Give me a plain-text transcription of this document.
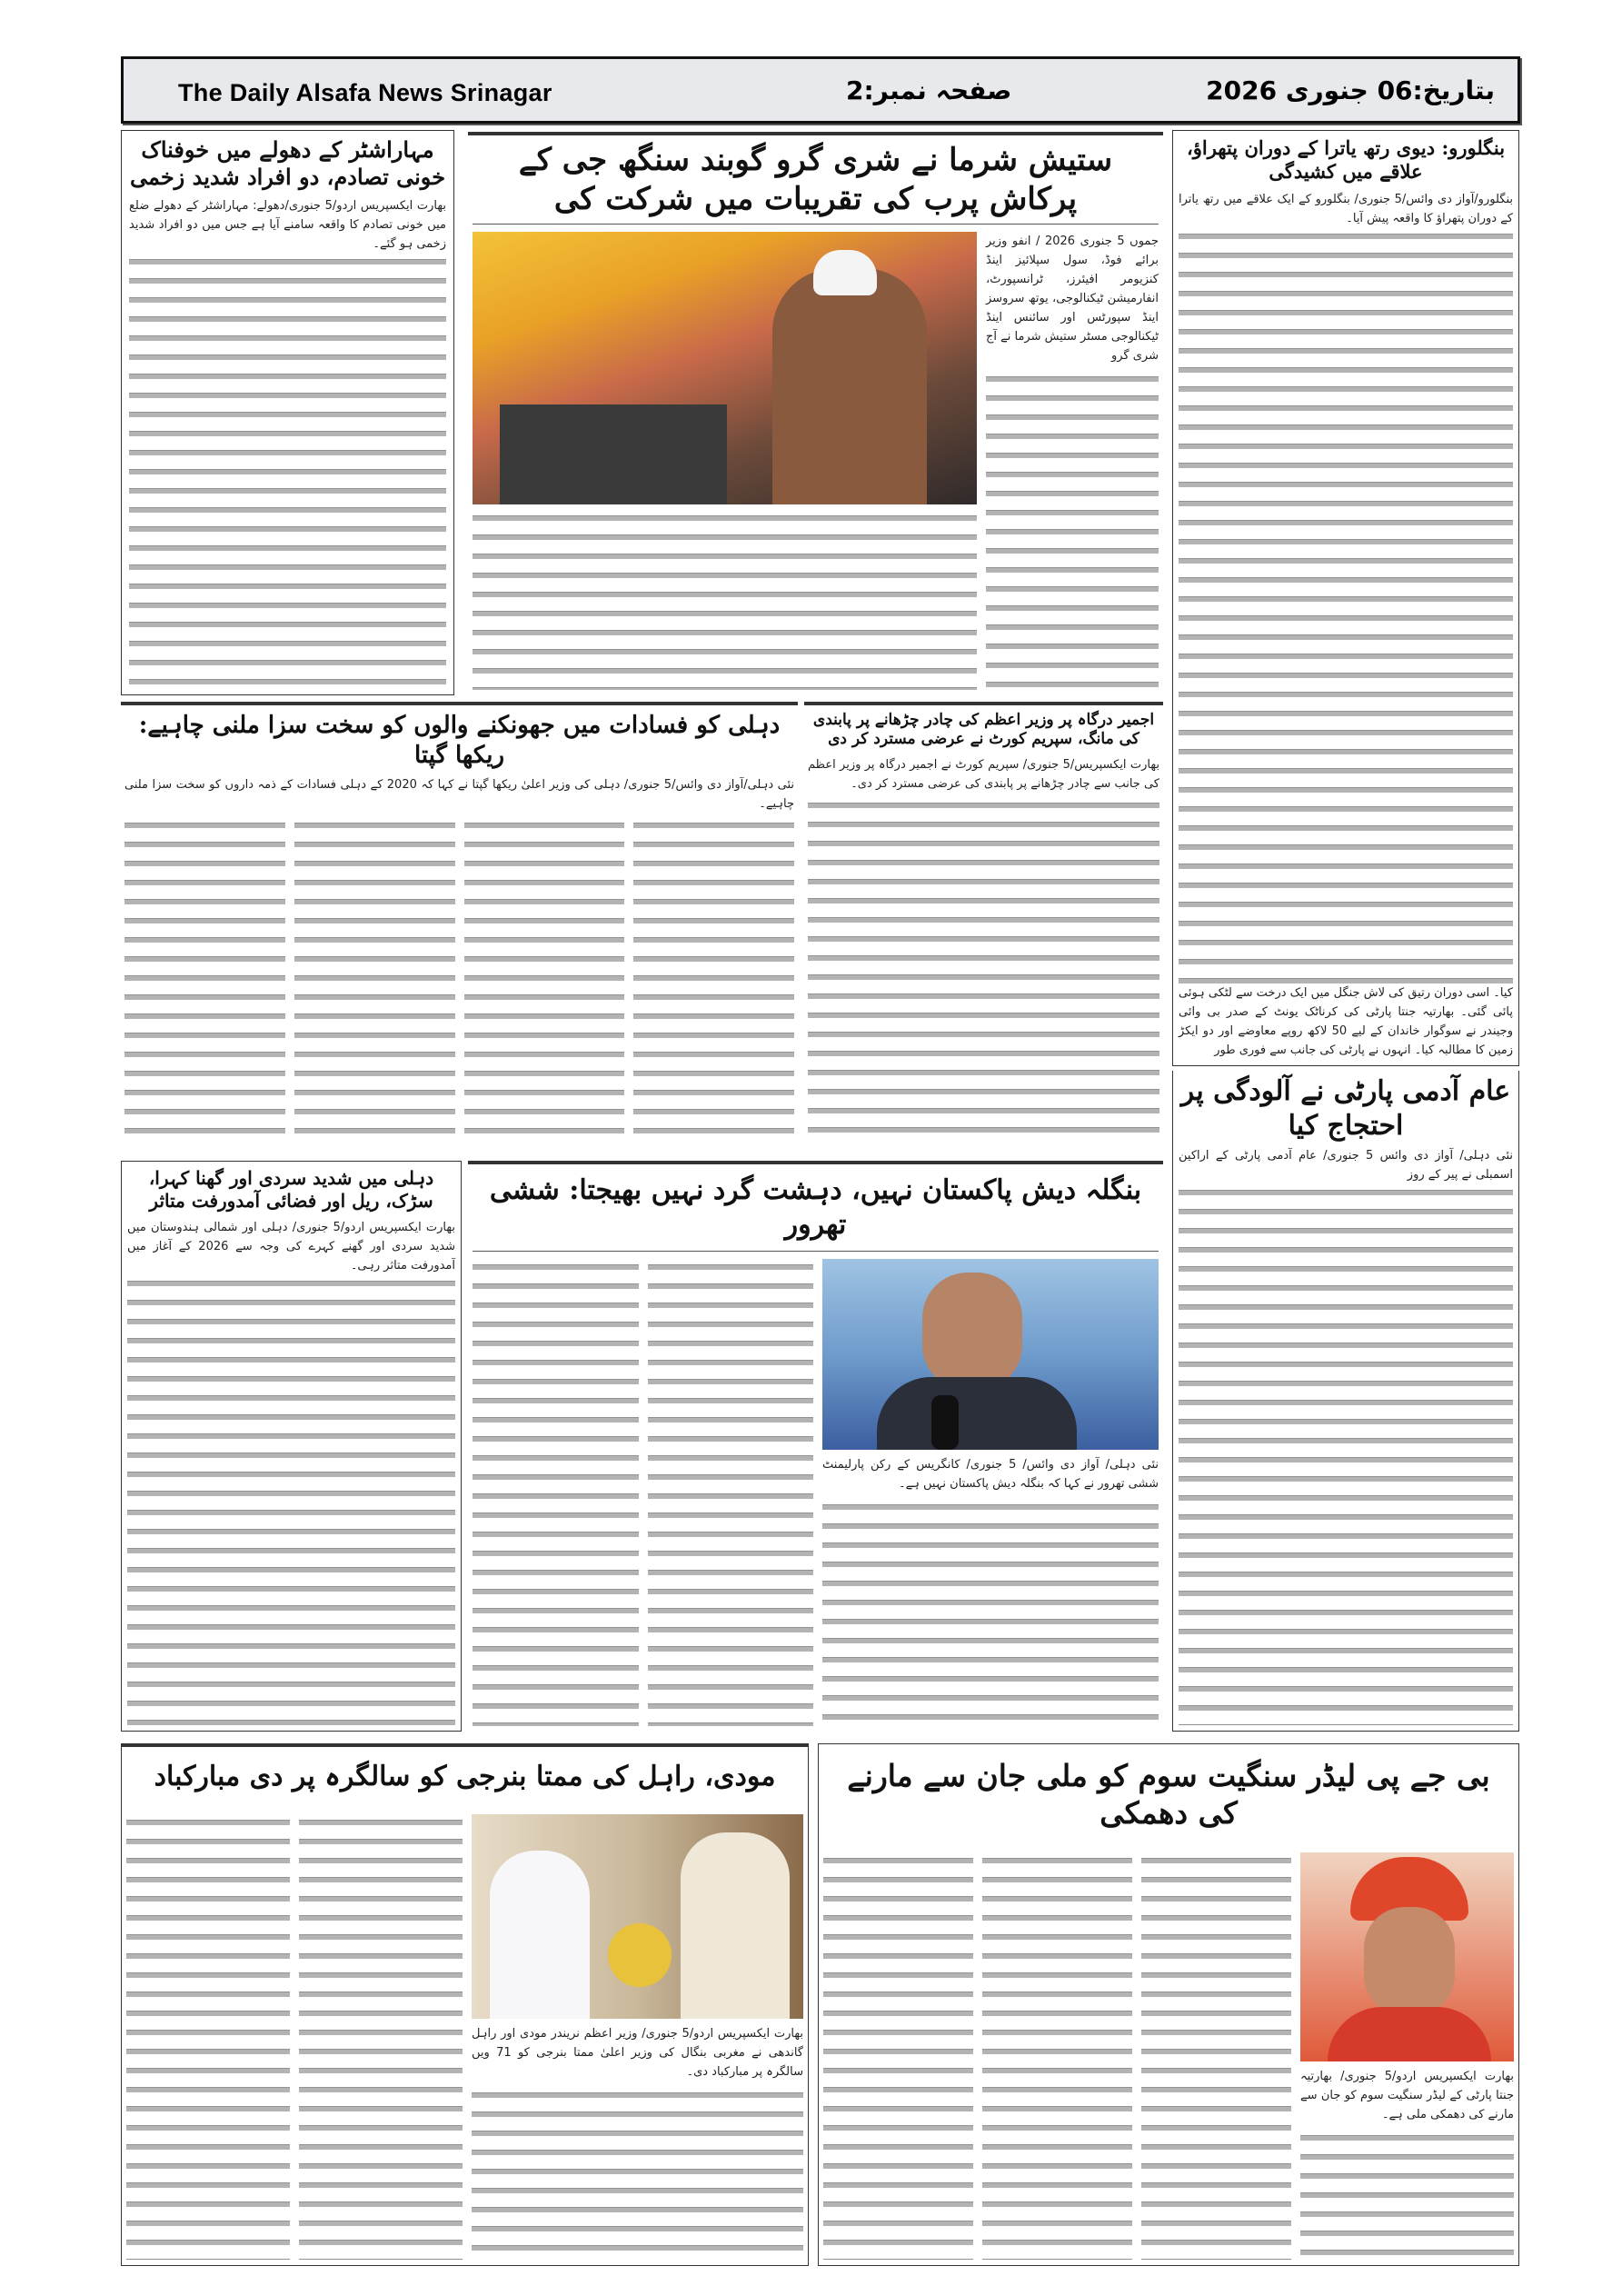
The Daily Alsafa News Srinagar	صفحہ نمبر:2	بتاریخ:06 جنوری 2026
مہاراشٹر کے دھولے میں خوفناک خونی تصادم، دو افراد شدید زخمی
بھارت ایکسپریس اردو/5 جنوری/دھولے: مہاراشٹر کے دھولے ضلع میں خونی تصادم کا واقعہ سامنے آیا ہے جس میں دو افراد شدید زخمی ہو گئے۔
ستیش شرما نے شری گرو گوبند سنگھ جی کے پرکاش پرب کی تقریبات میں شرکت کی
جموں 5 جنوری 2026 / انفو وزیر برائے فوڈ، سول سپلائیز اینڈ کنزیومر افیئرز، ٹرانسپورٹ، انفارمیشن ٹیکنالوجی، یوتھ سروسز اینڈ سپورٹس اور سائنس اینڈ ٹیکنالوجی مسٹر ستیش شرما نے آج شری گرو
بنگلورو: دیوی رتھ یاترا کے دوران پتھراؤ، علاقے میں کشیدگی
بنگلورو/آواز دی وائس/5 جنوری/ بنگلورو کے ایک علاقے میں رتھ یاترا کے دوران پتھراؤ کا واقعہ پیش آیا۔
کیا۔ اسی دوران رتیق کی لاش جنگل میں ایک درخت سے لٹکی ہوئی پائی گئی۔ بھارتیہ جنتا پارٹی کی کرناٹک یونٹ کے صدر بی وائی وجیندر نے سوگوار خاندان کے لیے 50 لاکھ روپے معاوضے اور دو ایکڑ زمین کا مطالبہ کیا۔ انہوں نے پارٹی کی جانب سے فوری طور
عام آدمی پارٹی نے آلودگی پر احتجاج کیا
نئی دہلی/ آواز دی وائس 5 جنوری/ عام آدمی پارٹی کے اراکین اسمبلی نے پیر کے روز
دہلی کو فسادات میں جھونکنے والوں کو سخت سزا ملنی چاہیے: ریکھا گپتا
نئی دہلی/آواز دی وائس/5 جنوری/ دہلی کی وزیر اعلیٰ ریکھا گپتا نے کہا کہ 2020 کے دہلی فسادات کے ذمہ داروں کو سخت سزا ملنی چاہیے۔
اجمیر درگاہ پر وزیر اعظم کی چادر چڑھانے پر پابندی کی مانگ، سپریم کورٹ نے عرضی مسترد کر دی
بھارت ایکسپریس/5 جنوری/ سپریم کورٹ نے اجمیر درگاہ پر وزیر اعظم کی جانب سے چادر چڑھانے پر پابندی کی عرضی مسترد کر دی۔
دہلی میں شدید سردی اور گھنا کہرا، سڑک، ریل اور فضائی آمدورفت متاثر
بھارت ایکسپریس اردو/5 جنوری/ دہلی اور شمالی ہندوستان میں شدید سردی اور گھنے کہرے کی وجہ سے 2026 کے آغاز میں آمدورفت متاثر رہی۔
بنگلہ دیش پاکستان نہیں، دہشت گرد نہیں بھیجتا: ششی تھرور
نئی دہلی/ آواز دی وائس/ 5 جنوری/ کانگریس کے رکن پارلیمنٹ ششی تھرور نے کہا کہ بنگلہ دیش پاکستان نہیں ہے۔
مودی، راہل کی ممتا بنرجی کو سالگرہ پر دی مبارکباد
بھارت ایکسپریس اردو/5 جنوری/ وزیر اعظم نریندر مودی اور راہل گاندھی نے مغربی بنگال کی وزیر اعلیٰ ممتا بنرجی کو 71 ویں سالگرہ پر مبارکباد دی۔
بی جے پی لیڈر سنگیت سوم کو ملی جان سے مارنے کی دھمکی
بھارت ایکسپریس اردو/5 جنوری/ بھارتیہ جنتا پارٹی کے لیڈر سنگیت سوم کو جان سے مارنے کی دھمکی ملی ہے۔
